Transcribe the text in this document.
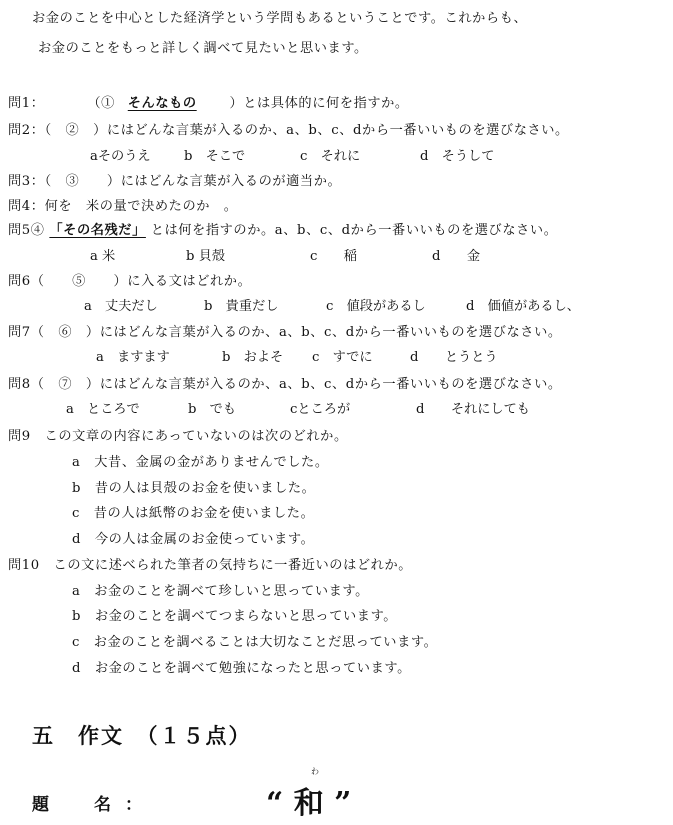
お金のことを中心とした経済学という学問もあるということです。これからも、
お金のことをもっと詳しく調べて見たいと思います。
問1：	（① そんなもの ）とは具体的に何を指すか。
問2：（　②　）にはどんな言葉が入るのか、a、b、c、dから一番いいものを選びなさい。
aそのうえ	b　そこで	c　それに	d　そうして
問3：（　③　　）にはどんな言葉が入るのが適当か。
問4：何を　米の量で決めたのか　。
問5④ 「その名残だ」 とは何を指すのか。a、b、c、dから一番いいものを選びなさい。
a 米	b 貝殻	c　　稲	d　　金
問6（　　⑤　　）に入る文はどれか。
a　丈夫だし	b　貴重だし	c　値段があるし	d　価値があるし、
問7（　⑥　）にはどんな言葉が入るのか、a、b、c、dから一番いいものを選びなさい。
a　ますます	b　およそ c　すでに	d　　とうとう
問8（　⑦　）にはどんな言葉が入るのか、a、b、c、dから一番いいものを選びなさい。
a　ところで	b　でも	cところが	d　　それにしても
問9　この文章の内容にあっていないのは次のどれか。
a　大昔、金属の金がありませんでした。
b　昔の人は貝殻のお金を使いました。
c　昔の人は紙幣のお金を使いました。
d　今の人は金属のお金使っています。
問10　この文に述べられた筆者の気持ちに一番近いのはどれか。
a　お金のことを調べて珍しいと思っています。
b　お金のことを調べてつまらないと思っています。
c　お金のことを調べることは大切なことだ思っています。
d　お金のことを調べて勉強になったと思っています。
五　作文　（１５点）
わ
題　名：	“ 和 ”
